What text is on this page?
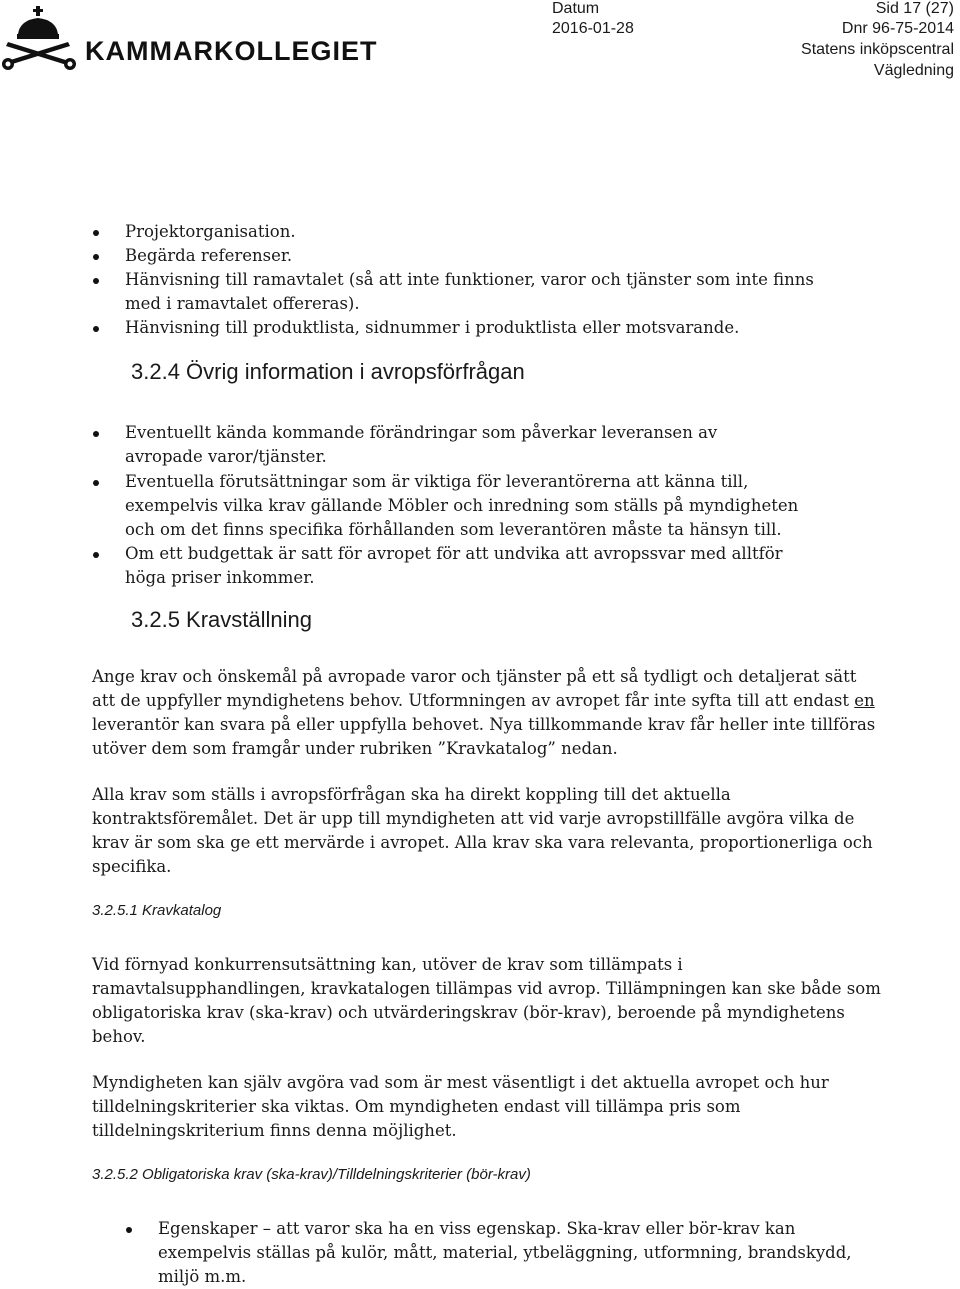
KAMMARKOLLEGIET
Datum
2016-01-28
Sid 17 (27)
Dnr 96-75-2014
Statens inköpscentral
Vägledning
Projektorganisation.
Begärda referenser.
Hänvisning till ramavtalet (så att inte funktioner, varor och tjänster som inte finns med i ramavtalet offereras).
Hänvisning till produktlista, sidnummer i produktlista eller motsvarande.
3.2.4 Övrig information i avropsförfrågan
Eventuellt kända kommande förändringar som påverkar leveransen av avropade varor/tjänster.
Eventuella förutsättningar som är viktiga för leverantörerna att känna till, exempelvis vilka krav gällande Möbler och inredning som ställs på myndigheten och om det finns specifika förhållanden som leverantören måste ta hänsyn till.
Om ett budgettak är satt för avropet för att undvika att avropssvar med alltför höga priser inkommer.
3.2.5 Kravställning

Ange krav och önskemål på avropade varor och tjänster på ett så tydligt och detaljerat sätt att de uppfyller myndighetens behov. Utformningen av avropet får inte syfta till att endast en leverantör kan svara på eller uppfylla behovet. Nya tillkommande krav får heller inte tillföras utöver dem som framgår under rubriken ”Kravkatalog” nedan.

Alla krav som ställs i avropsförfrågan ska ha direkt koppling till det aktuella kontraktsföremålet. Det är upp till myndigheten att vid varje avropstillfälle avgöra vilka de krav är som ska ge ett mervärde i avropet. Alla krav ska vara relevanta, proportionerliga och specifika.

3.2.5.1 Kravkatalog

Vid förnyad konkurrensutsättning kan, utöver de krav som tillämpats i ramavtalsupphandlingen, kravkatalogen tillämpas vid avrop. Tillämpningen kan ske både som obligatoriska krav (ska-krav) och utvärderingskrav (bör-krav), beroende på myndighetens behov.

Myndigheten kan själv avgöra vad som är mest väsentligt i det aktuella avropet och hur tilldelningskriterier ska viktas. Om myndigheten endast vill tillämpa pris som tilldelningskriterium finns denna möjlighet.

3.2.5.2 Obligatoriska krav (ska-krav)/Tilldelningskriterier (bör-krav)
Egenskaper – att varor ska ha en viss egenskap. Ska-krav eller bör-krav kan exempelvis ställas på kulör, mått, material, ytbeläggning, utformning, brandskydd, miljö m.m.
